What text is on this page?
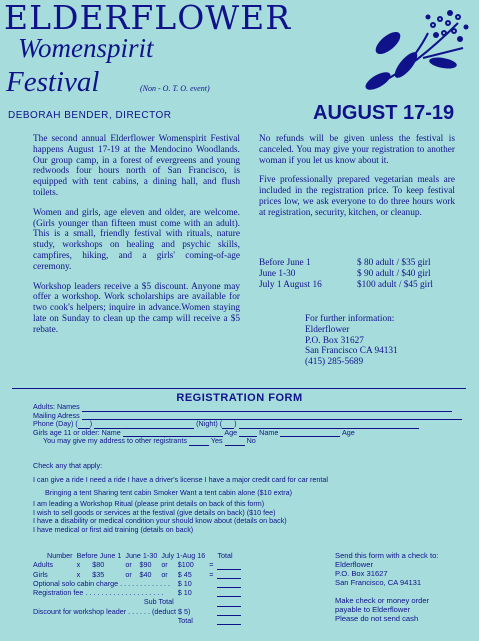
ELDERFLOWER
Womenspirit
Festival	(Non - O. T. O. event)
DEBORAH BENDER, DIRECTOR	AUGUST 17-19

The second annual Elderflower Womenspirit Festival happens August 17-19 at the Mendocino Woodlands. Our group camp, in a forest of evergreens and young redwoods four hours north of San Francisco, is equipped with tent cabins, a dining hall, and flush toilets.

Women and girls, age eleven and older, are welcome. (Girls younger than fifteen must come with an adult). This is a small, friendly festival with rituals, nature study, workshops on healing and psychic skills, campfires, hiking, and a girls' coming-of-age ceremony.

Workshop leaders receive a $5 discount. Anyone may offer a workshop. Work scholarships are available for two cook's helpers; inquire in advance.Women staying late on Sunday to clean up the camp will receive a $5 rebate.

No refunds will be given unless the festival is canceled. You may give your registration to another woman if you let us know about it.

Five professionally prepared vegetarian meals are included in the registration price. To keep festival prices low, we ask everyone to do three hours work at registration, security, kitchen, or cleanup.

Before June 1	$ 80 adult / $35 girl
June 1-30	$ 90 adult / $40 girl
July 1 August 16	$100 adult / $45 girl
For further information:
Elderflower
P.O. Box 31627
San Francisco CA 94131
(415) 285-5689
REGISTRATION FORM
Adults: Names
Mailing Adress
Phone (Day) ( )	(Night) ( )
Girls age 11 or older: Name	Age	Name	Age
You may give my address to other registrants	Yes	No
Check any that apply:
I can give a ride I need a ride I have a driver's license I have a major credit card for car rental
Bringing a tent Sharing tent cabin Smoker Want a tent cabin alone ($10 extra)
I am leading a Workshop Ritual (please print details on back of this form)
I wish to sell goods or services at the festival (give details on back) ($10 fee)
I have a disability or medical condition your should know about (details on back)
I have medical or first aid training (details on back)
Number	Before June 1		June 1-30		July 1-Aug 16			Total
Adults	x	$80	or	$90	or	$100	=	
Girls	x	$35	or	$40	or	$ 45	=	
Optional solo cabin charge . . . . . . . . . . . . .						$ 10		
Registration fee . . . . . . . . . . . . . . . . . . . .						$ 10		
Sub Total								
Discount for workshop leader . . . . . . (deduct $ 5)								
						Total		
Send this form with a check to:
Elderflower
P.O. Box 31627
San Francisco, CA 94131
Make check or money order
payable to Elderflower
Please do not send cash
